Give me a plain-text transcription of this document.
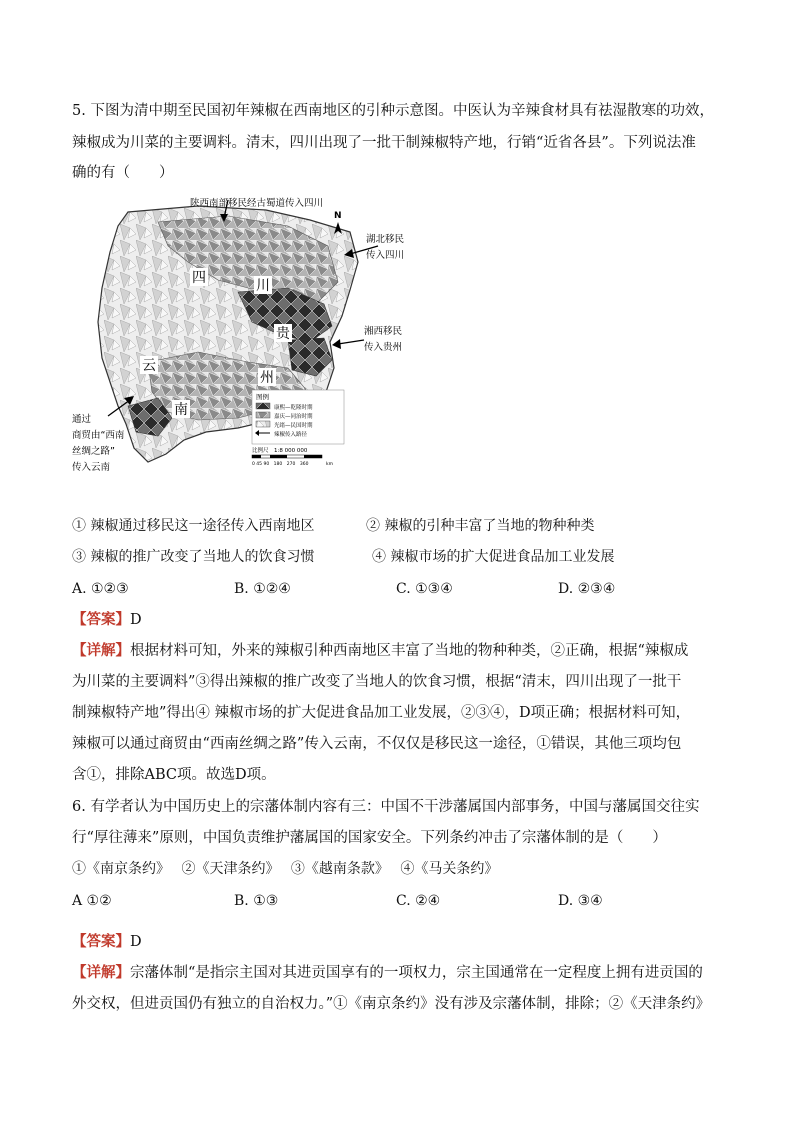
5. 下图为清中期至民国初年辣椒在西南地区的引种示意图。中医认为辛辣食材具有祛湿散寒的功效，
辣椒成为川菜的主要调料。清末，四川出现了一批干制辣椒特产地，行销“近省各县”。下列说法准
确的有（　　）
N
陕西南部移民经古蜀道传入四川
湖北移民
传入四川
湘西移民
传入贵州
通过
商贸由“西南
丝绸之路”
传入云南
四	川
贵
州
云
南
图例
康熙—乾隆时期
嘉庆—同治时期
光绪—民国时期
辣椒传入路径
比例尺　1:8 000 000
0 45 90　180　270　360	km
① 辣椒通过移民这一途径传入西南地区	② 辣椒的引种丰富了当地的物种种类
③ 辣椒的推广改变了当地人的饮食习惯	④ 辣椒市场的扩大促进食品加工业发展
A. ①②③	B. ①②④	C. ①③④	D. ②③④
【答案】D
【详解】根据材料可知，外来的辣椒引种西南地区丰富了当地的物种种类，②正确，根据“辣椒成
为川菜的主要调料”③得出辣椒的推广改变了当地人的饮食习惯，根据“清末，四川出现了一批干
制辣椒特产地”得出④ 辣椒市场的扩大促进食品加工业发展，②③④，D项正确；根据材料可知，
辣椒可以通过商贸由“西南丝绸之路”传入云南，不仅仅是移民这一途径，①错误，其他三项均包
含①，排除ABC项。故选D项。
6. 有学者认为中国历史上的宗藩体制内容有三：中国不干涉藩属国内部事务，中国与藩属国交往实
行“厚往薄来”原则，中国负责维护藩属国的国家安全。下列条约冲击了宗藩体制的是（　　）
①《南京条约》　 ②《天津条约》　 ③《越南条款》　 ④《马关条约》
A ①②	B. ①③	C. ②④	D. ③④
【答案】D
【详解】宗藩体制“是指宗主国对其进贡国享有的一项权力，宗主国通常在一定程度上拥有进贡国的
外交权，但进贡国仍有独立的自治权力。”①《南京条约》没有涉及宗藩体制，排除；②《天津条约》
